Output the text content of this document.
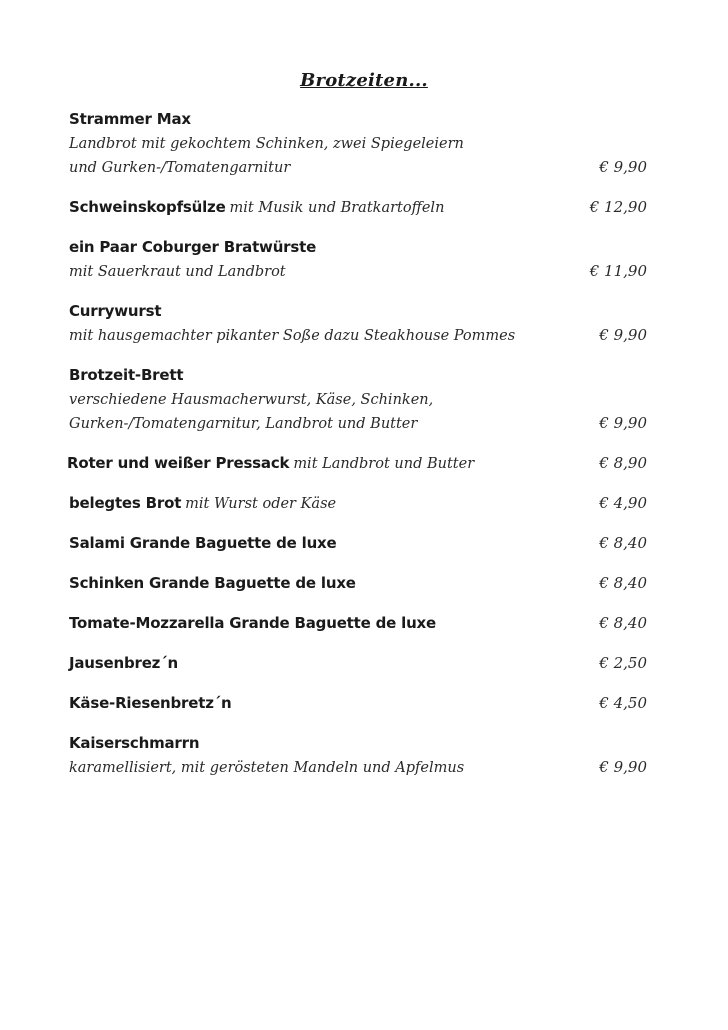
Brotzeiten...
Strammer Max
Landbrot mit gekochtem Schinken, zwei Spiegeleiern
und Gurken-/Tomatengarnitur	€ 9,90
Schweinskopfsülze mit Musik und Bratkartoffeln	€ 12,90
ein Paar Coburger Bratwürste
mit Sauerkraut und Landbrot	€ 11,90
Currywurst
mit hausgemachter pikanter Soße dazu Steakhouse Pommes	€ 9,90
Brotzeit-Brett
verschiedene Hausmacherwurst, Käse, Schinken,
Gurken-/Tomatengarnitur, Landbrot und Butter	€ 9,90
Roter und weißer Pressack mit Landbrot und Butter	€ 8,90
belegtes Brot mit Wurst oder Käse	€ 4,90
Salami Grande Baguette de luxe	€ 8,40
Schinken Grande Baguette de luxe	€ 8,40
Tomate-Mozzarella Grande Baguette de luxe	€ 8,40
Jausenbrez´n	€ 2,50
Käse-Riesenbretz´n	€ 4,50
Kaiserschmarrn
karamellisiert, mit gerösteten Mandeln und Apfelmus	€ 9,90
